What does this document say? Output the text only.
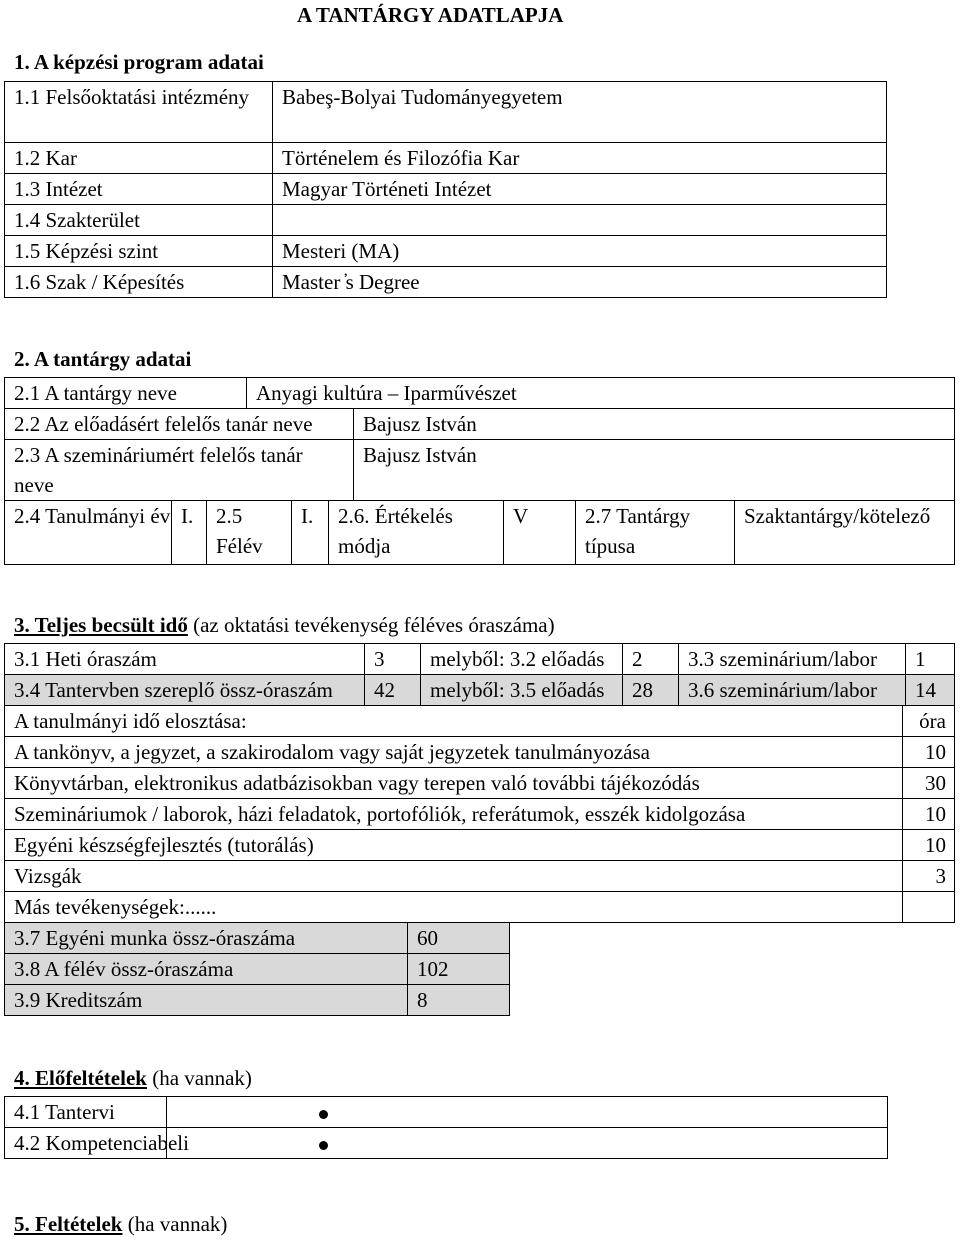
A TANTÁRGY ADATLAPJA
1. A képzési program adatai
1.1 Felsőoktatási intézmény	Babeş-Bolyai Tudományegyetem
1.2 Kar	Történelem és Filozófia Kar
1.3 Intézet	Magyar Történeti Intézet
1.4 Szakterület	
1.5 Képzési szint	Mesteri (MA)
1.6 Szak / Képesítés	Master ̓s Degree
2. A tantárgy adatai
2.1 A tantárgy neve	Anyagi kultúra – Iparművészet
2.2 Az előadásért felelős tanár neve	Bajusz István
2.3 A szemináriumért felelős tanár neve	Bajusz István
2.4 Tanulmányi év	I.	2.5 Félév	I.	2.6. Értékelés módja	V	2.7 Tantárgy típusa	Szaktantárgy/kötelező
3. Teljes becsült idő (az oktatási tevékenység féléves óraszáma)
3.1 Heti óraszám	3	melyből: 3.2 előadás	2	3.3 szeminárium/labor	1
3.4 Tantervben szereplő össz-óraszám	42	melyből: 3.5 előadás	28	3.6 szeminárium/labor	14
A tanulmányi idő elosztása:	óra
A tankönyv, a jegyzet, a szakirodalom vagy saját jegyzetek tanulmányozása	10
Könyvtárban, elektronikus adatbázisokban vagy terepen való további tájékozódás	30
Szemináriumok / laborok, házi feladatok, portofóliók, referátumok, esszék kidolgozása	10
Egyéni készségfejlesztés (tutorálás)	10
Vizsgák	3
Más tevékenységek:......	
3.7 Egyéni munka össz-óraszáma	60
3.8 A félév össz-óraszáma	102
3.9 Kreditszám	8
4. Előfeltételek (ha vannak)
4.1 Tantervi	
4.2 Kompetenciabeli	
5. Feltételek (ha vannak)
